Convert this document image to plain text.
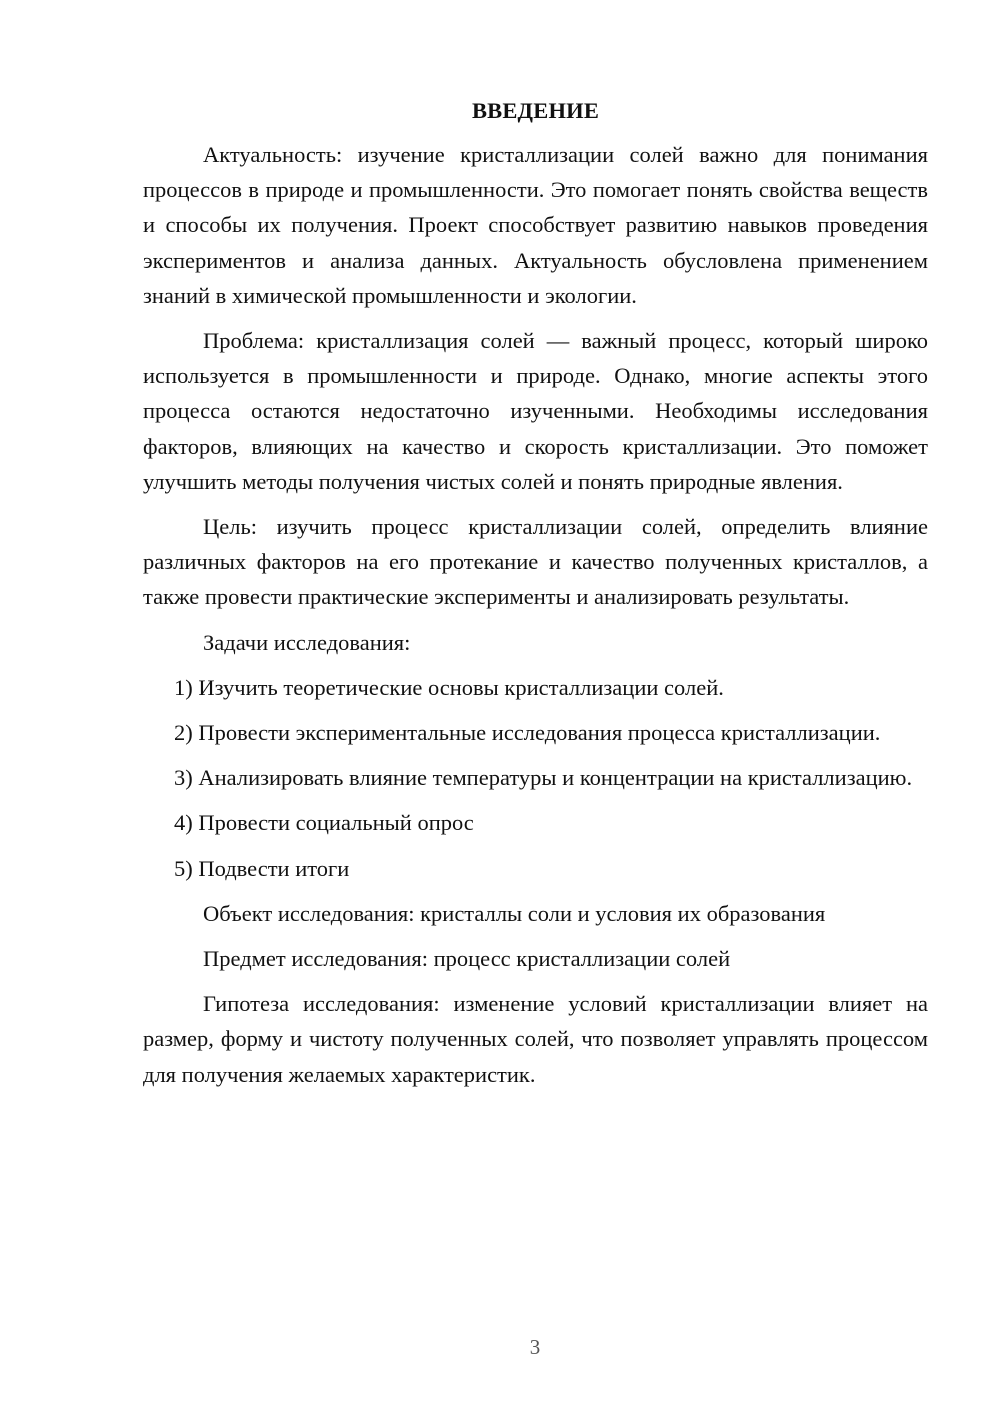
ВВЕДЕНИЕ

Актуальность: изучение кристаллизации солей важно для понимания процессов в природе и промышленности. Это помогает понять свойства веществ и способы их получения. Проект способствует развитию навыков проведения экспериментов и анализа данных. Актуальность обусловлена применением знаний в химической промышленности и экологии.

Проблема: кристаллизация солей — важный процесс, который широко используется в промышленности и природе. Однако, многие аспекты этого процесса остаются недостаточно изученными. Необходимы исследования факторов, влияющих на качество и скорость кристаллизации. Это поможет улучшить методы получения чистых солей и понять природные явления.

Цель: изучить процесс кристаллизации солей, определить влияние различных факторов на его протекание и качество полученных кристаллов, а также провести практические эксперименты и анализировать результаты.

Задачи исследования:

1) Изучить теоретические основы кристаллизации солей.

2) Провести экспериментальные исследования процесса кристаллизации.

3) Анализировать влияние температуры и концентрации на кристаллизацию.

4) Провести социальный опрос

5) Подвести итоги

Объект исследования: кристаллы соли и условия их образования

Предмет исследования: процесс кристаллизации солей

Гипотеза исследования: изменение условий кристаллизации влияет на размер, форму и чистоту полученных солей, что позволяет управлять процессом для получения желаемых характеристик.

3
